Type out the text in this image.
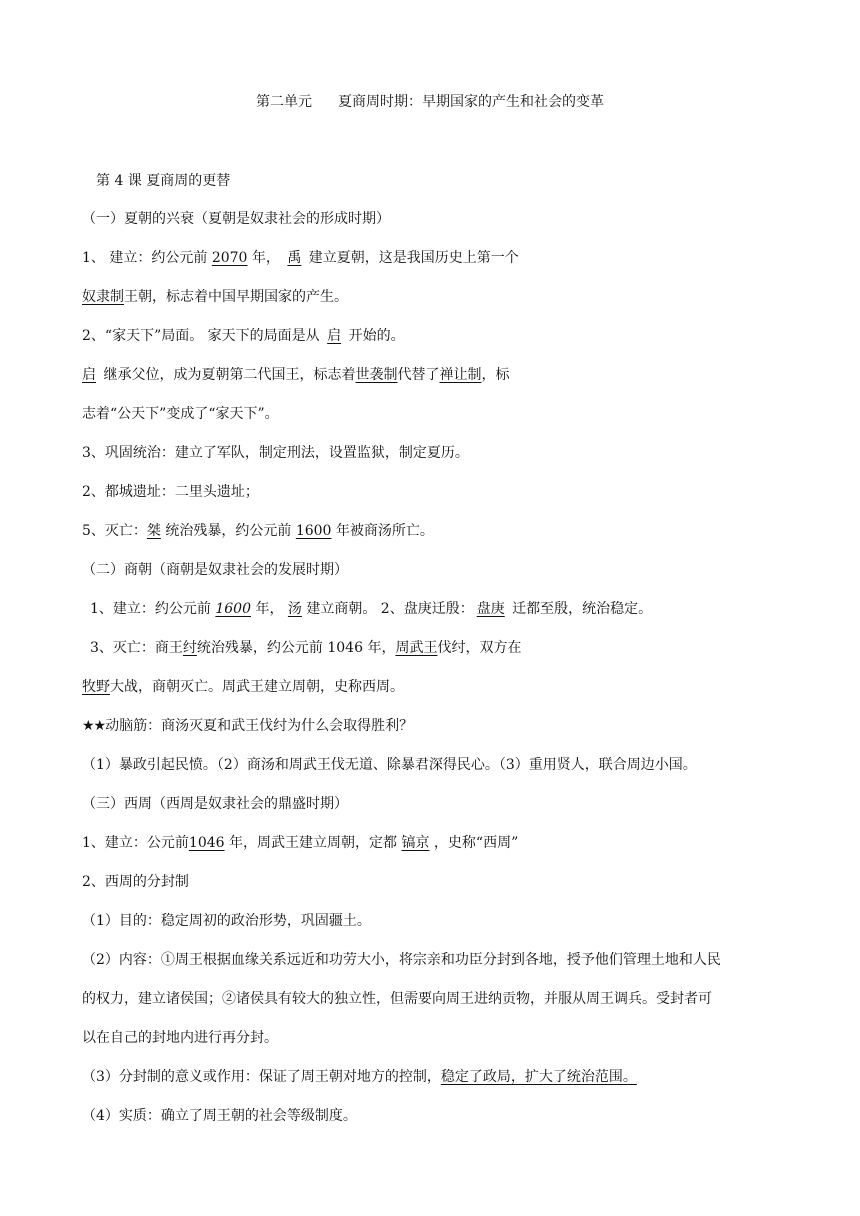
第二单元 夏商周时期：早期国家的产生和社会的变革
第 4 课 夏商周的更替
（一）夏朝的兴衰（夏朝是奴隶社会的形成时期）
1、 建立：约公元前 2070 年， 禹 建立夏朝，这是我国历史上第一个
奴隶制王朝，标志着中国早期国家的产生。
2、“家天下”局面。 家天下的局面是从 启 开始的。
启 继承父位，成为夏朝第二代国王，标志着世袭制代替了禅让制，标
志着“公天下”变成了“家天下”。
3、巩固统治：建立了军队，制定刑法，设置监狱，制定夏历。
2、都城遗址：二里头遗址；
5、灭亡：桀 统治残暴，约公元前 1600 年被商汤所亡。
（二）商朝（商朝是奴隶社会的发展时期）
1、建立：约公元前 1600 年， 汤 建立商朝。 2、盘庚迁殷： 盘庚 迁都至殷，统治稳定。
3、灭亡：商王纣统治残暴，约公元前 1046 年，周武王伐纣，双方在
牧野大战，商朝灭亡。周武王建立周朝，史称西周。
★★动脑筋：商汤灭夏和武王伐纣为什么会取得胜利？
（1）暴政引起民愤。（2）商汤和周武王伐无道、除暴君深得民心。（3）重用贤人，联合周边小国。
（三）西周（西周是奴隶社会的鼎盛时期）
1、建立：公元前1046 年，周武王建立周朝，定都 镐京 ，史称“西周”
2、西周的分封制
（1）目的：稳定周初的政治形势，巩固疆土。
（2）内容：①周王根据血缘关系远近和功劳大小，将宗亲和功臣分封到各地，授予他们管理土地和人民
的权力，建立诸侯国；②诸侯具有较大的独立性，但需要向周王进纳贡物，并服从周王调兵。受封者可
以在自己的封地内进行再分封。
（3）分封制的意义或作用：保证了周王朝对地方的控制，稳定了政局，扩大了统治范围。
（4）实质：确立了周王朝的社会等级制度。
